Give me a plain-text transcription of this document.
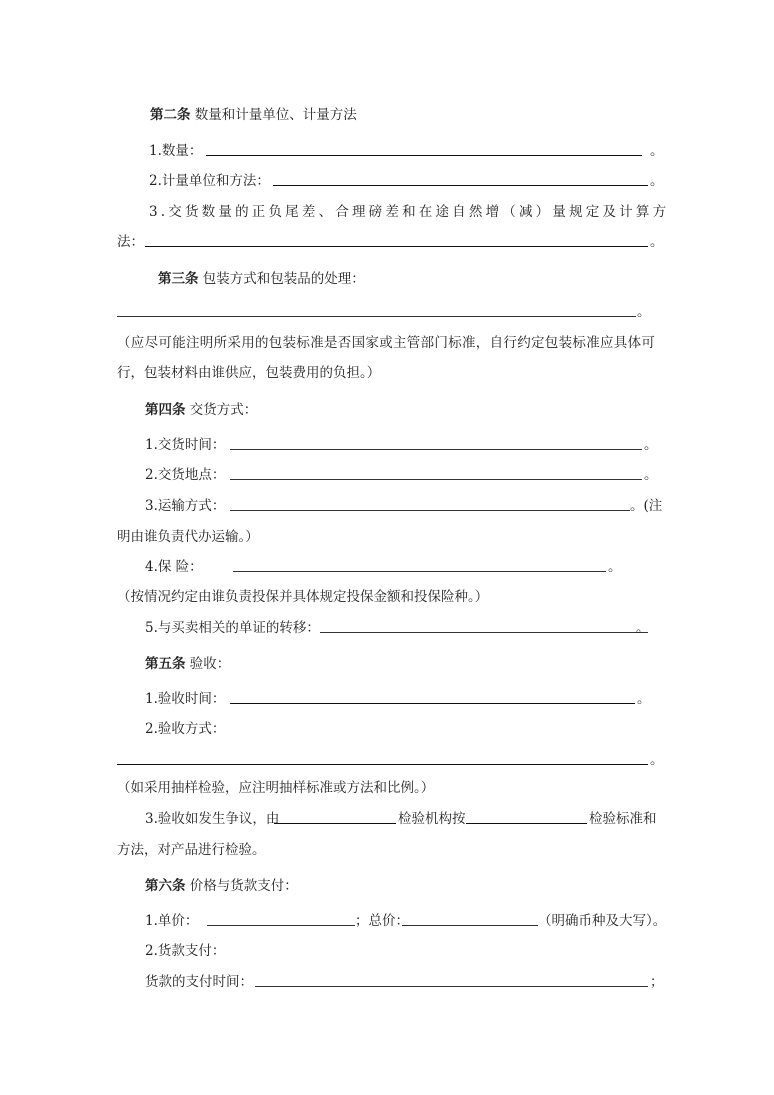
第二条 数量和计量单位、计量方法
1.数量：	。
2.计量单位和方法：	。
3.交货数量的正负尾差、合理磅差和在途自然增（减）量规定及计算方
法：	。
第三条 包装方式和包装品的处理：
。
（应尽可能注明所采用的包装标准是否国家或主管部门标准，自行约定包装标准应具体可
行，包装材料由谁供应，包装费用的负担。）
第四条 交货方式：
1.交货时间：	。
2.交货地点：	。
3.运输方式：	。(注
明由谁负责代办运输。）
4.保 险：	。
（按情况约定由谁负责投保并具体规定投保金额和投保险种。）
5.与买卖相关的单证的转移：	。
第五条 验收：
1.验收时间：	。
2.验收方式：
。
（如采用抽样检验，应注明抽样标准或方法和比例。）
3.验收如发生争议，由	检验机构按	检验标准和
方法，对产品进行检验。
第六条 价格与货款支付：
1.单价：	；总价：	（明确币种及大写）。
2.货款支付：
货款的支付时间：	；
